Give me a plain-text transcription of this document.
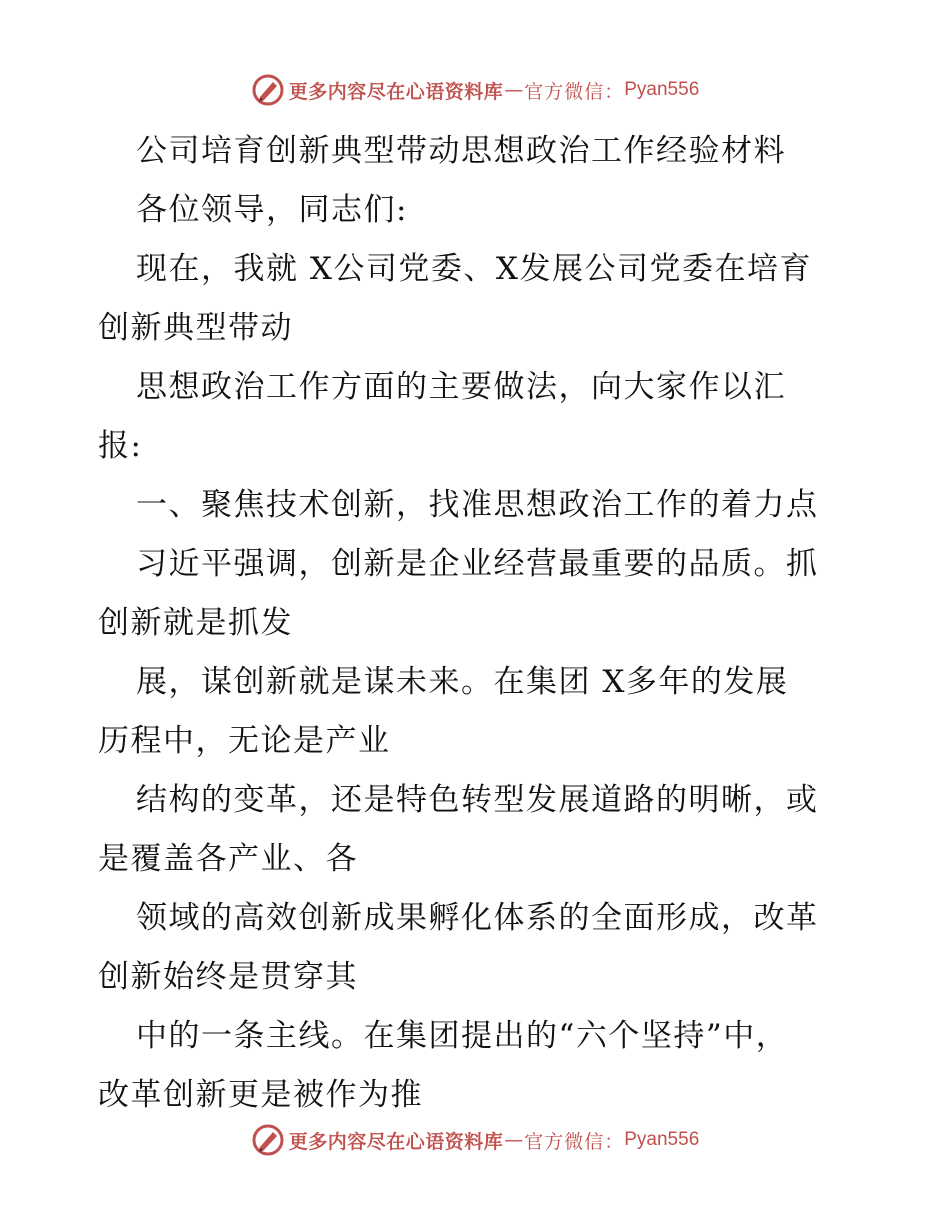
更多内容尽在心语资料库 — 官方微信： Pyan556
公司培育创新典型带动思想政治工作经验材料
各位领导，同志们:
现在，我就 X公司党委、X发展公司党委在培育
创新典型带动
思想政治工作方面的主要做法，向大家作以汇
报:
一、聚焦技术创新，找准思想政治工作的着力点
习近平强调，创新是企业经营最重要的品质。抓
创新就是抓发
展，谋创新就是谋未来。在集团 X多年的发展
历程中，无论是产业
结构的变革，还是特色转型发展道路的明晰，或
是覆盖各产业、各
领域的高效创新成果孵化体系的全面形成，改革
创新始终是贯穿其
中的一条主线。在集团提出的“六个坚持”中，
改革创新更是被作为推
更多内容尽在心语资料库 — 官方微信： Pyan556
